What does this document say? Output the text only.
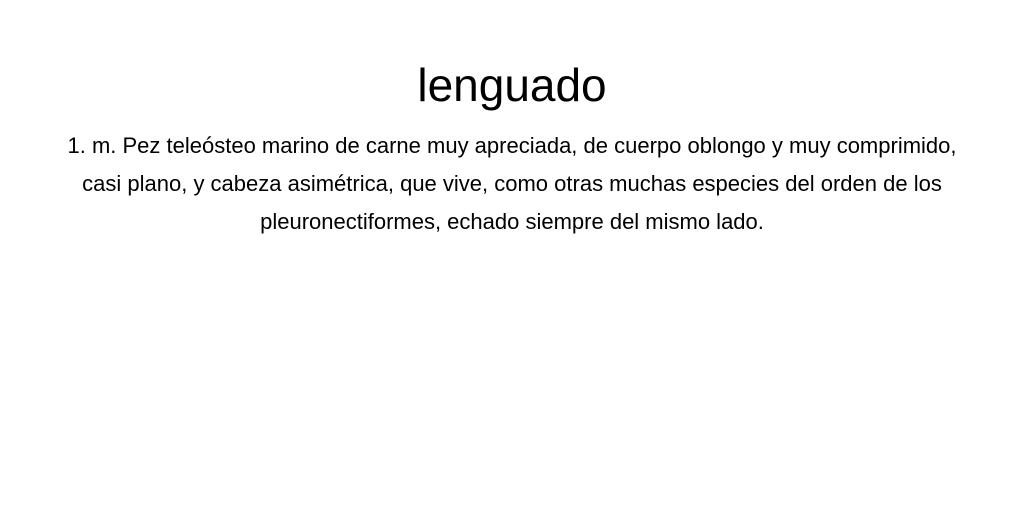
lenguado

1. m. Pez teleósteo marino de carne muy apreciada, de cuerpo oblongo y muy comprimido, casi plano, y cabeza asimétrica, que vive, como otras muchas especies del orden de los pleuronectiformes, echado siempre del mismo lado.
